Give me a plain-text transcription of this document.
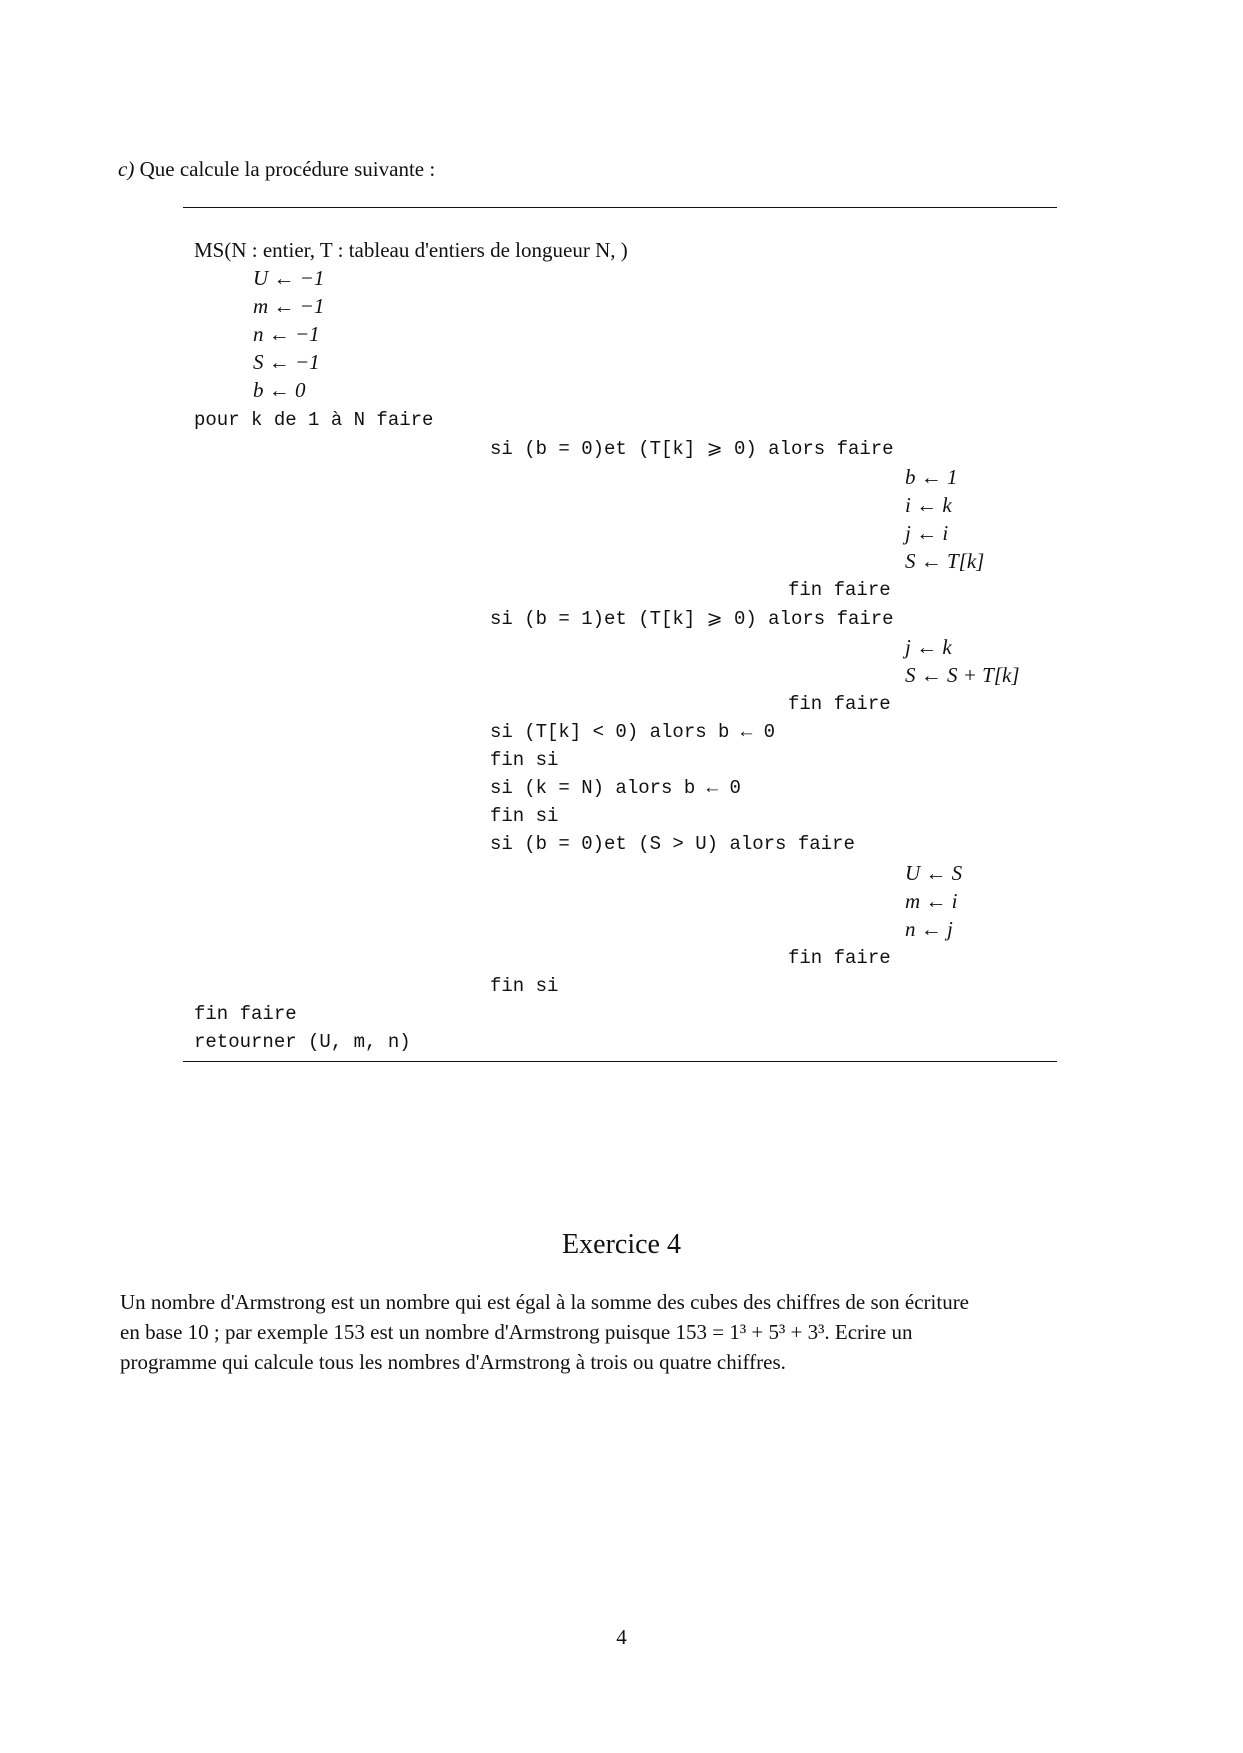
c) Que calcule la procédure suivante :
MS(N : entier, T : tableau d'entiers de longueur N, )
U ← −1
m ← −1
n ← −1
S ← −1
b ← 0
pour k de 1 à N faire
si (b = 0)et (T[k] ⩾ 0) alors faire
b ← 1
i ← k
j ← i
S ← T[k]
fin faire
si (b = 1)et (T[k] ⩾ 0) alors faire
j ← k
S ← S + T[k]
fin faire
si (T[k] < 0) alors b ← 0
fin si
si (k = N) alors b ← 0
fin si
si (b = 0)et (S > U) alors faire
U ← S
m ← i
n ← j
fin faire
fin si
fin faire
retourner (U, m, n)
Exercice 4
Un nombre d'Armstrong est un nombre qui est égal à la somme des cubes des chiffres de son écriture
en base 10 ; par exemple 153 est un nombre d'Armstrong puisque 153 = 1³ + 5³ + 3³. Ecrire un
programme qui calcule tous les nombres d'Armstrong à trois ou quatre chiffres.
4
